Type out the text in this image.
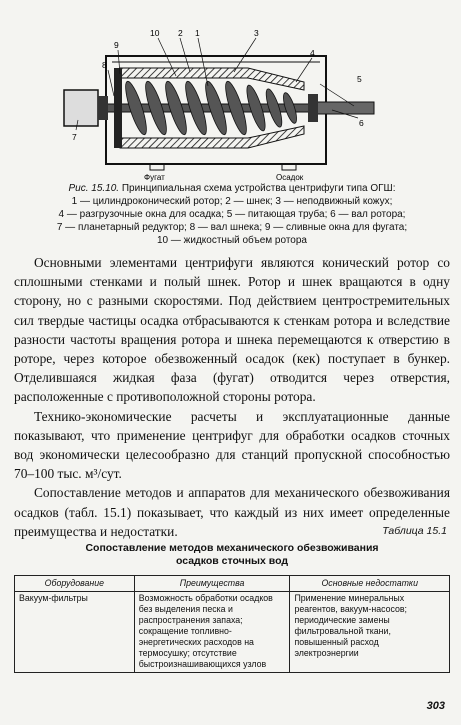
Фугат	Осадок
1
2	3
4
5
6
7
8
9
10
Рис. 15.10. Принципиальная схема устройства центрифуги типа ОГШ:
1 — цилиндроконический ротор; 2 — шнек; 3 — неподвижный кожух;
4 — разгрузочные окна для осадка; 5 — питающая труба; 6 — вал ротора;
7 — планетарный редуктор; 8 — вал шнека; 9 — сливные окна для фугата;
10 — жидкостный объем ротора

Основными элементами центрифуги являются конический ротор со сплошными стенками и полый шнек. Ротор и шнек вращаются в одну сторону, но с разными скоростями. Под действием центростремительных сил твердые частицы осадка отбрасываются к стенкам ротора и вследствие разности частоты вращения ротора и шнека перемещаются к отверстию в роторе, через которое обезвоженный осадок (кек) поступает в бункер. Отделившаяся жидкая фаза (фугат) отводится через отверстия, расположенные с противоположной стороны ротора.

Технико-экономические расчеты и эксплуатационные данные показывают, что применение центрифуг для обработки осадков сточных вод экономически целесообразно для станций пропускной способностью 70–100 тыс. м³/сут.

Сопоставление методов и аппаратов для механического обезвоживания осадков (табл. 15.1) показывает, что каждый из них имеет определенные преимущества и недостатки.	Таблица 15.1
Сопоставление методов механического обезвоживания
осадков сточных вод
Оборудование	Преимущества	Основные недостатки
Вакуум-фильтры	Возможность обработки осадков без выделения песка и распространения запаха; сокращение топливно-энергетических расходов на термосушку; отсутствие быстроизнашивающихся узлов	Применение минеральных реагентов, вакуум-насосов; периодические замены фильтровальной ткани, повышенный расход электроэнергии
303
